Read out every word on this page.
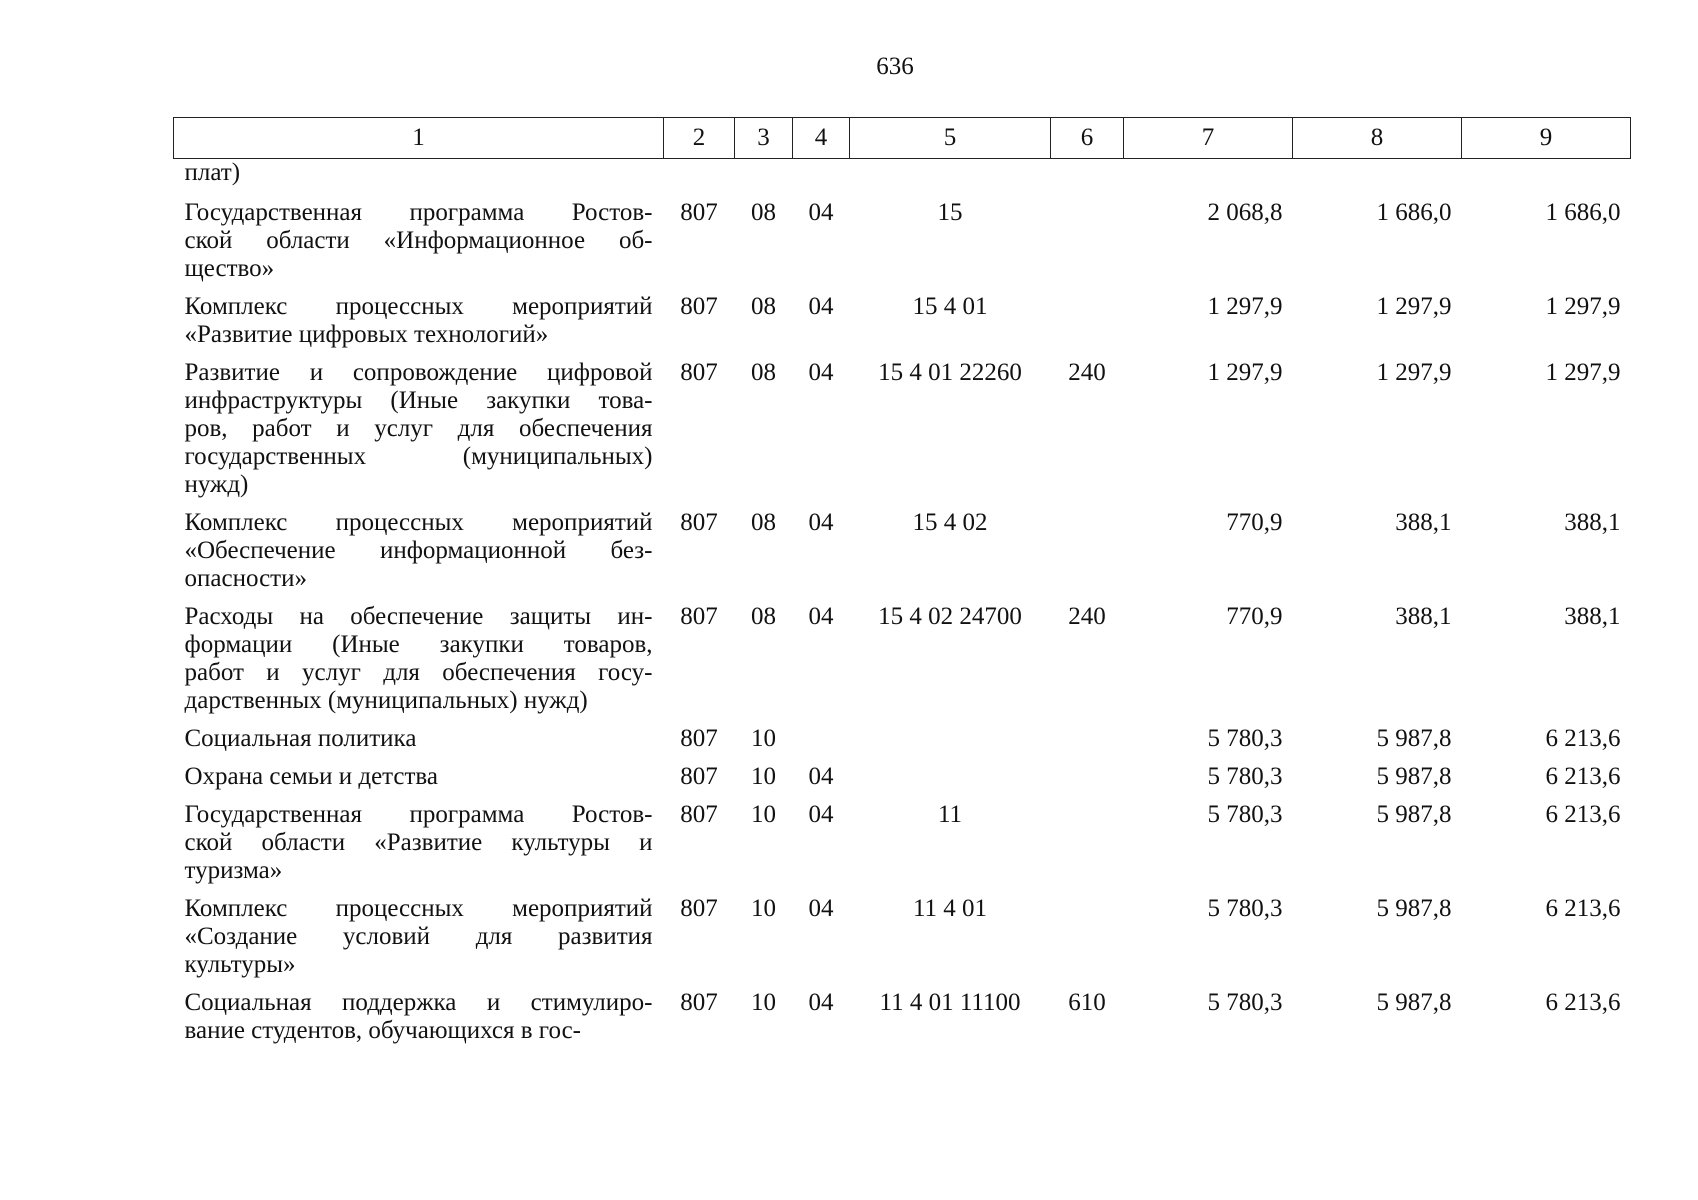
636
1	2	3	4	5	6	7	8	9

плат)								

Государственная программа Ростов-
ской области «Информационное об-
щество»	807	08	04	15		2 068,8	1 686,0	1 686,0

Комплекс процессных мероприятий
«Развитие цифровых технологий»	807	08	04	15 4 01		1 297,9	1 297,9	1 297,9

Развитие и сопровождение цифровой
инфраструктуры (Иные закупки това-
ров, работ и услуг для обеспечения
государственных (муниципальных)
нужд)	807	08	04	15 4 01 22260	240	1 297,9	1 297,9	1 297,9

Комплекс процессных мероприятий
«Обеспечение информационной без-
опасности»	807	08	04	15 4 02		770,9	388,1	388,1

Расходы на обеспечение защиты ин-
формации (Иные закупки товаров,
работ и услуг для обеспечения госу-
дарственных (муниципальных) нужд)	807	08	04	15 4 02 24700	240	770,9	388,1	388,1

Социальная политика	807	10				5 780,3	5 987,8	6 213,6

Охрана семьи и детства	807	10	04			5 780,3	5 987,8	6 213,6

Государственная программа Ростов-
ской области «Развитие культуры и
туризма»	807	10	04	11		5 780,3	5 987,8	6 213,6

Комплекс процессных мероприятий
«Создание условий для развития
культуры»	807	10	04	11 4 01		5 780,3	5 987,8	6 213,6

Социальная поддержка и стимулиро-
вание студентов, обучающихся в гос-	807	10	04	11 4 01 11100	610	5 780,3	5 987,8	6 213,6
